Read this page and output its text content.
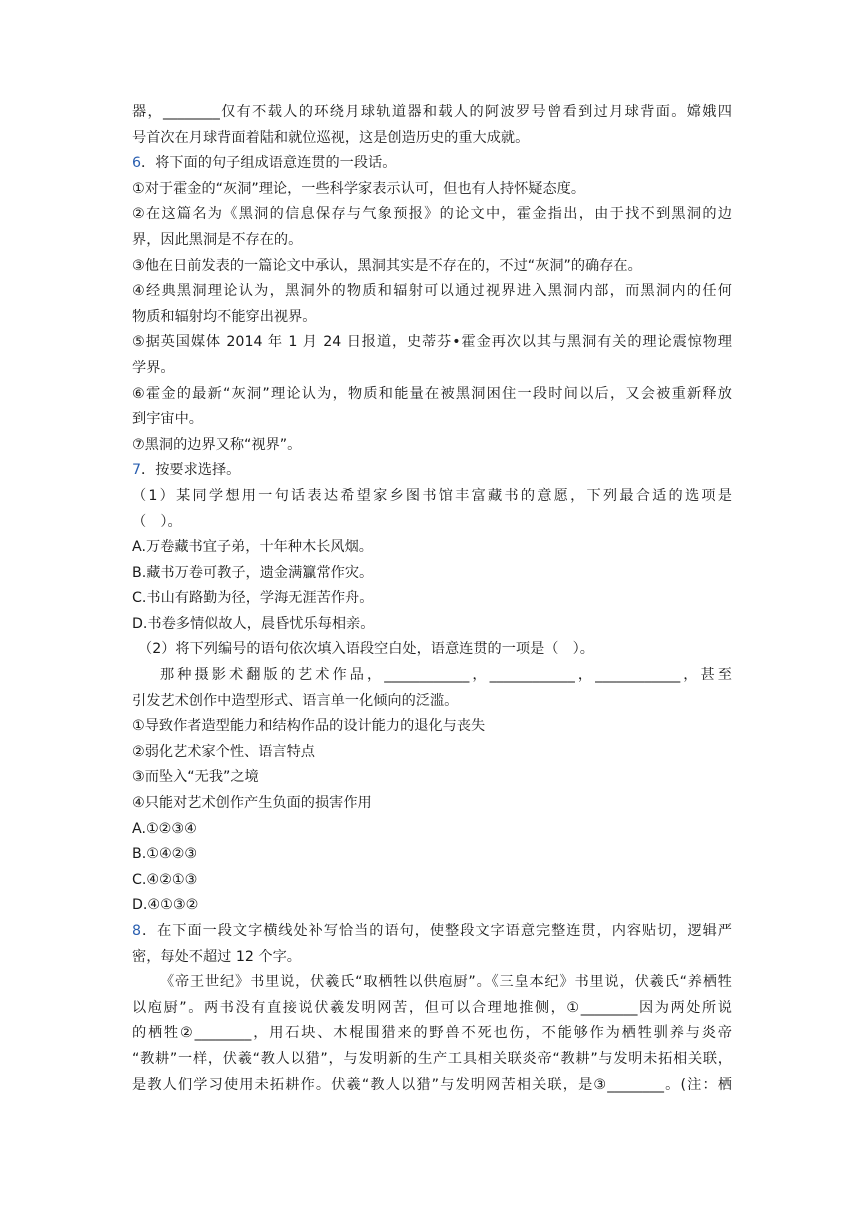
器，________仅有不载人的环绕月球轨道器和载人的阿波罗号曾看到过月球背面。嫦娥四
号首次在月球背面着陆和就位巡视，这是创造历史的重大成就。
6．将下面的句子组成语意连贯的一段话。
①对于霍金的“灰洞”理论，一些科学家表示认可，但也有人持怀疑态度。
②在这篇名为《黑洞的信息保存与气象预报》的论文中，霍金指出，由于找不到黑洞的边
界，因此黑洞是不存在的。
③他在日前发表的一篇论文中承认，黑洞其实是不存在的，不过“灰洞”的确存在。
④经典黑洞理论认为，黑洞外的物质和辐射可以通过视界进入黑洞内部，而黑洞内的任何
物质和辐射均不能穿出视界。
⑤据英国媒体 2014 年 1 月 24 日报道，史蒂芬•霍金再次以其与黑洞有关的理论震惊物理
学界。
⑥霍金的最新“灰洞”理论认为，物质和能量在被黑洞困住一段时间以后，又会被重新释放
到宇宙中。
⑦黑洞的边界又称“视界”。
7．按要求选择。
（1）某同学想用一句话表达希望家乡图书馆丰富藏书的意愿，下列最合适的选项是
（　）。
A.万卷藏书宜子弟，十年种木长风烟。
B.藏书万卷可教子，遗金满籯常作灾。
C.书山有路勤为径，学海无涯苦作舟。
D.书卷多情似故人，晨昏忧乐每相亲。
（2）将下列编号的语句依次填入语段空白处，语意连贯的一项是（　）。
那种摄影术翻版的艺术作品，____________，____________，____________，甚至
引发艺术创作中造型形式、语言单一化倾向的泛滥。
①导致作者造型能力和结构作品的设计能力的退化与丧失
②弱化艺术家个性、语言特点
③而坠入“无我”之境
④只能对艺术创作产生负面的损害作用
A.①②③④
B.①④②③
C.④②①③
D.④①③②
8．在下面一段文字横线处补写恰当的语句，使整段文字语意完整连贯，内容贴切，逻辑严
密，每处不超过 12 个字。
《帝王世纪》书里说，伏羲氏“取栖牲以供庖厨”。《三皇本纪》书里说，伏羲氏“养栖牲
以庖厨”。两书没有直接说伏羲发明网苦，但可以合理地推侧，①________因为两处所说
的栖牲②________，用石块、木棍围猎来的野兽不死也伤，不能够作为栖牲驯养与炎帝
“教耕”一样，伏羲“教人以猎”，与发明新的生产工具相关联炎帝“教耕”与发明未拓相关联，
是教人们学习使用未拓耕作。伏羲“教人以猎”与发明网苦相关联，是③________。(注：栖
